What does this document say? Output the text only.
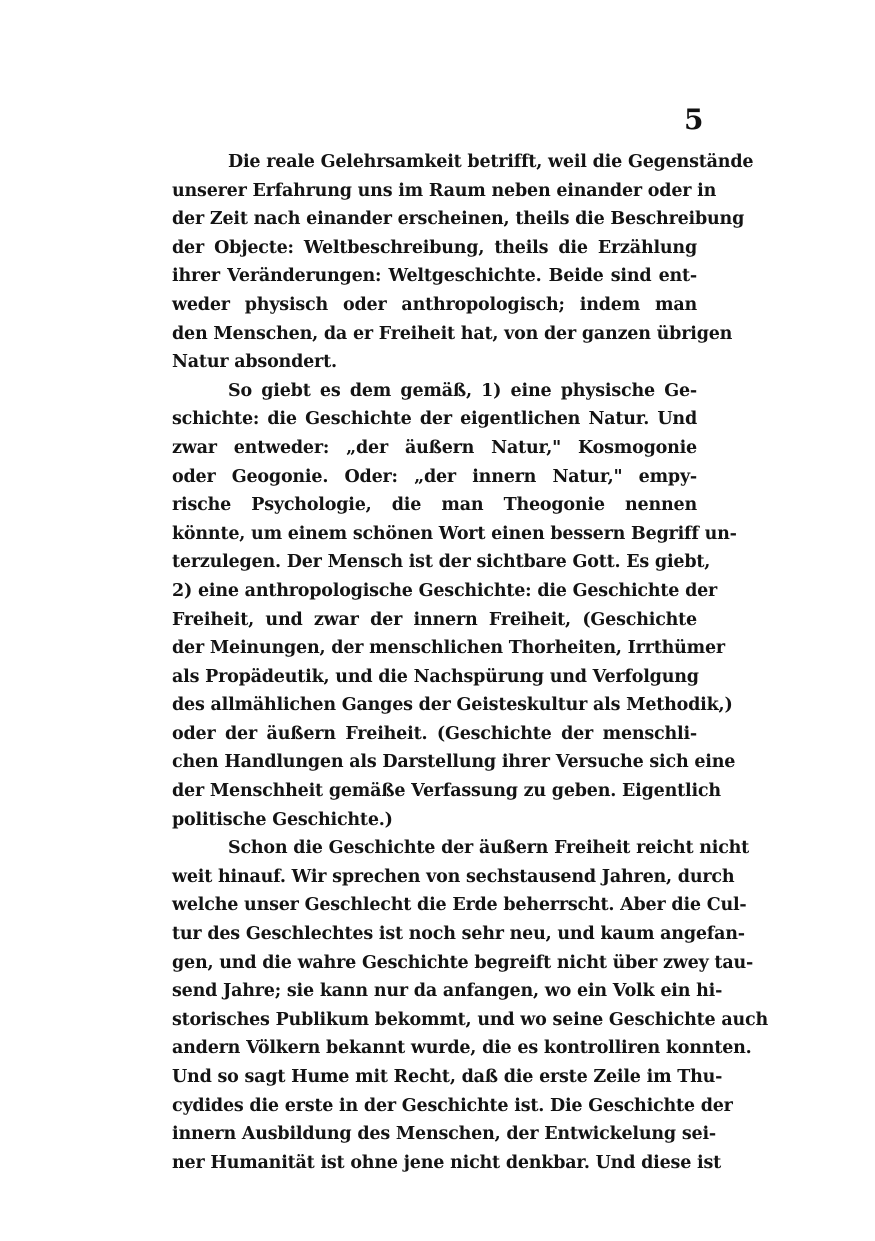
5
Die reale Gelehrsamkeit betrifft, weil die Gegenstände
unserer Erfahrung uns im Raum neben einander oder in
der Zeit nach einander erscheinen, theils die Beschreibung
der Objecte: Weltbeschreibung, theils die Erzählung
ihrer Veränderungen: Weltgeschichte. Beide sind ent-
weder physisch oder anthropologisch; indem man
den Menschen, da er Freiheit hat, von der ganzen übrigen
Natur absondert.
So giebt es dem gemäß, 1) eine physische Ge-
schichte: die Geschichte der eigentlichen Natur. Und
zwar entweder: „der äußern Natur," Kosmogonie
oder Geogonie. Oder: „der innern Natur," empy-
rische Psychologie, die man Theogonie nennen
könnte, um einem schönen Wort einen bessern Begriff un-
terzulegen. Der Mensch ist der sichtbare Gott. Es giebt,
2) eine anthropologische Geschichte: die Geschichte der
Freiheit, und zwar der innern Freiheit, (Geschichte
der Meinungen, der menschlichen Thorheiten, Irrthümer
als Propädeutik, und die Nachspürung und Verfolgung
des allmählichen Ganges der Geisteskultur als Methodik,)
oder der äußern Freiheit. (Geschichte der menschli-
chen Handlungen als Darstellung ihrer Versuche sich eine
der Menschheit gemäße Verfassung zu geben. Eigentlich
politische Geschichte.)
Schon die Geschichte der äußern Freiheit reicht nicht
weit hinauf. Wir sprechen von sechstausend Jahren, durch
welche unser Geschlecht die Erde beherrscht. Aber die Cul-
tur des Geschlechtes ist noch sehr neu, und kaum angefan-
gen, und die wahre Geschichte begreift nicht über zwey tau-
send Jahre; sie kann nur da anfangen, wo ein Volk ein hi-
storisches Publikum bekommt, und wo seine Geschichte auch
andern Völkern bekannt wurde, die es kontrolliren konnten.
Und so sagt Hume mit Recht, daß die erste Zeile im Thu-
cydides die erste in der Geschichte ist. Die Geschichte der
innern Ausbildung des Menschen, der Entwickelung sei-
ner Humanität ist ohne jene nicht denkbar. Und diese ist
